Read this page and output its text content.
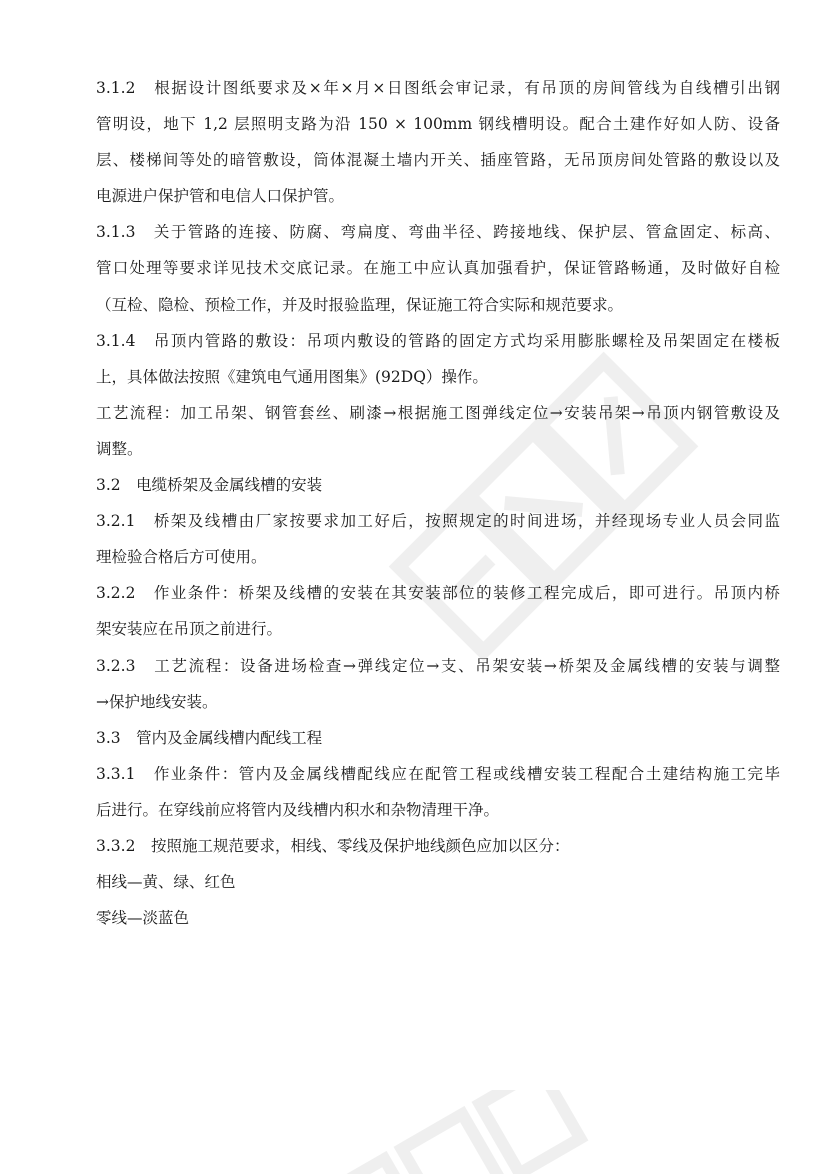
3.1.2　根据设计图纸要求及×年×月×日图纸会审记录，有吊顶的房间管线为自线槽引出钢
管明设，地下 1,2 层照明支路为沿 150 × 100mm 钢线槽明设。配合土建作好如人防、设备
层、楼梯间等处的暗管敷设，筒体混凝土墙内开关、插座管路，无吊顶房间处管路的敷设以及
电源进户保护管和电信人口保护管。
3.1.3　关于管路的连接、防腐、弯扁度、弯曲半径、跨接地线、保护层、管盒固定、标高、
管口处理等要求详见技术交底记录。在施工中应认真加强看护，保证管路畅通，及时做好自检
（互检、隐检、预检工作，并及时报验监理，保证施工符合实际和规范要求。
3.1.4　吊顶内管路的敷设：吊项内敷设的管路的固定方式均采用膨胀螺栓及吊架固定在楼板
上，具体做法按照《建筑电气通用图集》(92DQ）操作。
工艺流程：加工吊架、钢管套丝、刷漆→根据施工图弹线定位→安装吊架→吊顶内钢管敷设及
调整。
3.2　电缆桥架及金属线槽的安装
3.2.1　桥架及线槽由厂家按要求加工好后，按照规定的时间进场，并经现场专业人员会同监
理检验合格后方可使用。
3.2.2　作业条件：桥架及线槽的安装在其安装部位的装修工程完成后，即可进行。吊顶内桥
架安装应在吊顶之前进行。
3.2.3　工艺流程：设备进场检查→弹线定位→支、吊架安装→桥架及金属线槽的安装与调整
→保护地线安装。
3.3　管内及金属线槽内配线工程
3.3.1　作业条件：管内及金属线槽配线应在配管工程或线槽安装工程配合土建结构施工完毕
后进行。在穿线前应将管内及线槽内积水和杂物清理干净。
3.3.2　按照施工规范要求，相线、零线及保护地线颜色应加以区分：
相线—黄、绿、红色
零线—淡蓝色
